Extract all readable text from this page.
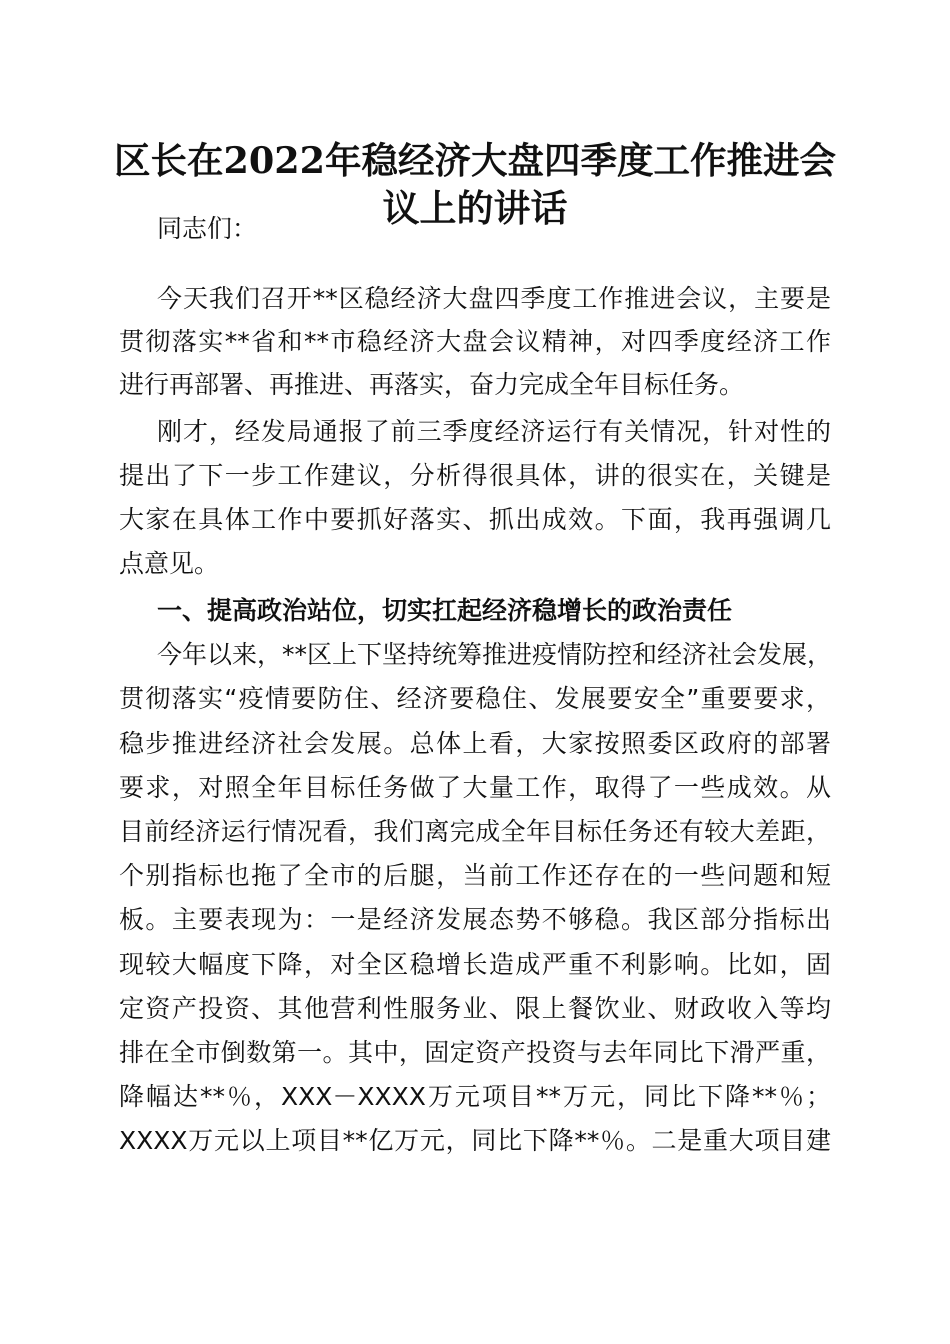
区长在2022年稳经济大盘四季度工作推进会
议上的讲话
同志们：
今天我们召开**区稳经济大盘四季度工作推进会议，主要是
贯彻落实**省和**市稳经济大盘会议精神，对四季度经济工作
进行再部署、再推进、再落实，奋力完成全年目标任务。
刚才，经发局通报了前三季度经济运行有关情况，针对性的
提出了下一步工作建议，分析得很具体，讲的很实在，关键是
大家在具体工作中要抓好落实、抓出成效。下面，我再强调几
点意见。
一、提高政治站位，切实扛起经济稳增长的政治责任
今年以来，**区上下坚持统筹推进疫情防控和经济社会发展，
贯彻落实“疫情要防住、经济要稳住、发展要安全”重要要求，
稳步推进经济社会发展。总体上看，大家按照委区政府的部署
要求，对照全年目标任务做了大量工作，取得了一些成效。从
目前经济运行情况看，我们离完成全年目标任务还有较大差距，
个别指标也拖了全市的后腿，当前工作还存在的一些问题和短
板。主要表现为：一是经济发展态势不够稳。我区部分指标出
现较大幅度下降，对全区稳增长造成严重不利影响。比如，固
定资产投资、其他营利性服务业、限上餐饮业、财政收入等均
排在全市倒数第一。其中，固定资产投资与去年同比下滑严重，
降幅达**％，XXX－XXXX万元项目**万元，同比下降**％；
XXXX万元以上项目**亿万元，同比下降**％。二是重大项目建
